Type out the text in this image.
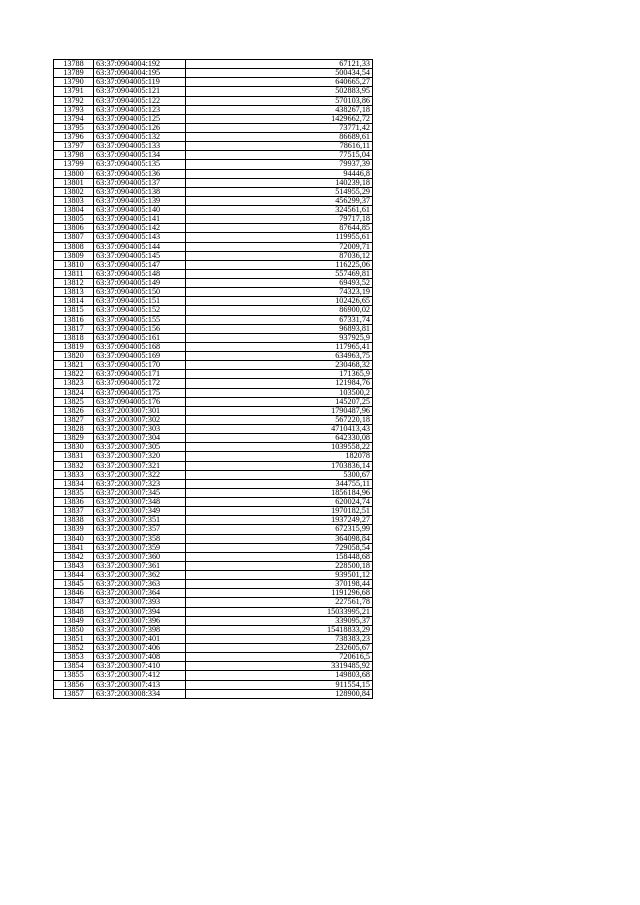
13788	63:37:0904004:192	67121,33
13789	63:37:0904004:195	500434,54
13790	63:37:0904005:119	640665,27
13791	63:37:0904005:121	502883,95
13792	63:37:0904005:122	570103,86
13793	63:37:0904005:123	438267,18
13794	63:37:0904005:125	1429662,72
13795	63:37:0904005:126	73771,42
13796	63:37:0904005:132	86689,61
13797	63:37:0904005:133	78616,11
13798	63:37:0904005:134	77515,04
13799	63:37:0904005:135	79937,39
13800	63:37:0904005:136	94446,8
13801	63:37:0904005:137	140239,18
13802	63:37:0904005:138	514955,29
13803	63:37:0904005:139	456299,37
13804	63:37:0904005:140	324561,61
13805	63:37:0904005:141	79717,18
13806	63:37:0904005:142	87644,85
13807	63:37:0904005:143	119955,61
13808	63:37:0904005:144	72009,71
13809	63:37:0904005:145	87036,12
13810	63:37:0904005:147	116225,06
13811	63:37:0904005:148	557469,81
13812	63:37:0904005:149	69493,52
13813	63:37:0904005:150	74323,19
13814	63:37:0904005:151	102426,65
13815	63:37:0904005:152	86900,02
13816	63:37:0904005:155	67331,74
13817	63:37:0904005:156	96893,81
13818	63:37:0904005:161	937925,9
13819	63:37:0904005:168	117965,41
13820	63:37:0904005:169	634963,75
13821	63:37:0904005:170	230468,32
13822	63:37:0904005:171	171365,9
13823	63:37:0904005:172	121984,76
13824	63:37:0904005:175	103500,2
13825	63:37:0904005:176	145207,25
13826	63:37:2003007:301	1790487,96
13827	63:37:2003007:302	567220,18
13828	63:37:2003007:303	4710413,43
13829	63:37:2003007:304	642330,08
13830	63:37:2003007:305	1039558,22
13831	63:37:2003007:320	182078
13832	63:37:2003007:321	1703836,14
13833	63:37:2003007:322	5300,67
13834	63:37:2003007:323	344755,11
13835	63:37:2003007:345	1856184,96
13836	63:37:2003007:348	620024,74
13837	63:37:2003007:349	1970182,51
13838	63:37:2003007:351	1937249,27
13839	63:37:2003007:357	672315,99
13840	63:37:2003007:358	364098,84
13841	63:37:2003007:359	729058,54
13842	63:37:2003007:360	158448,68
13843	63:37:2003007:361	228500,18
13844	63:37:2003007:362	939501,12
13845	63:37:2003007:363	370198,44
13846	63:37:2003007:364	1191296,68
13847	63:37:2003007:393	227561,78
13848	63:37:2003007:394	15033995,21
13849	63:37:2003007:396	339095,37
13850	63:37:2003007:398	15418833,29
13851	63:37:2003007:401	738383,23
13852	63:37:2003007:406	232605,67
13853	63:37:2003007:408	720616,5
13854	63:37:2003007:410	3319485,92
13855	63:37:2003007:412	149803,68
13856	63:37:2003007:413	911554,15
13857	63:37:2003008:334	128900,84
